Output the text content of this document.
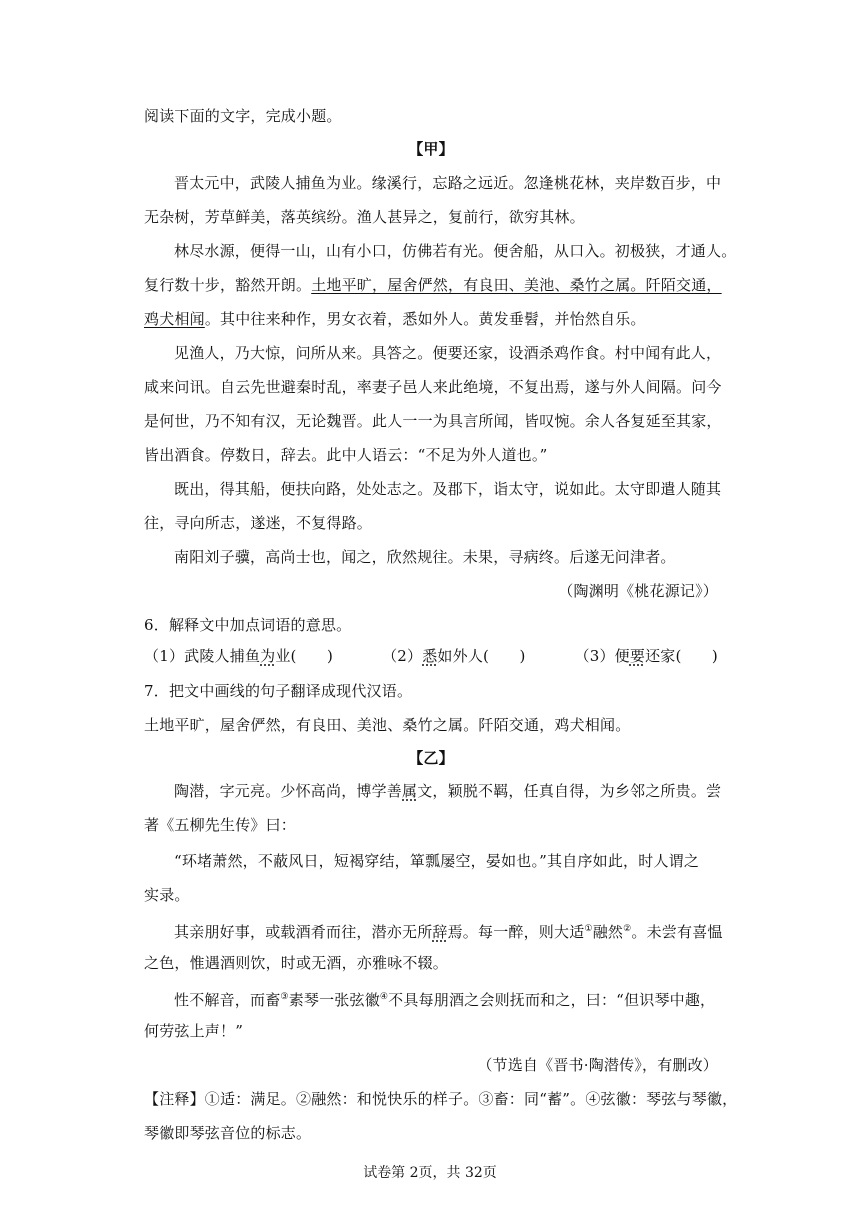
阅读下面的文字，完成小题。
【甲】
晋太元中，武陵人捕鱼为业。缘溪行，忘路之远近。忽逢桃花林，夹岸数百步，中
无杂树，芳草鲜美，落英缤纷。渔人甚异之，复前行，欲穷其林。
林尽水源，便得一山，山有小口，仿佛若有光。便舍船，从口入。初极狭，才通人。
复行数十步，豁然开朗。土地平旷，屋舍俨然，有良田、美池、桑竹之属。阡陌交通，
鸡犬相闻。其中往来种作，男女衣着，悉如外人。黄发垂髫，并怡然自乐。
见渔人，乃大惊，问所从来。具答之。便要还家，设酒杀鸡作食。村中闻有此人，
咸来问讯。自云先世避秦时乱，率妻子邑人来此绝境，不复出焉，遂与外人间隔。问今
是何世，乃不知有汉，无论魏晋。此人一一为具言所闻，皆叹惋。余人各复延至其家，
皆出酒食。停数日，辞去。此中人语云：“不足为外人道也。”
既出，得其船，便扶向路，处处志之。及郡下，诣太守，说如此。太守即遣人随其
往，寻向所志，遂迷，不复得路。
南阳刘子骥，高尚士也，闻之，欣然规往。未果，寻病终。后遂无问津者。
（陶渊明《桃花源记》）
6．解释文中加点词语的意思。
（1）武陵人捕鱼为业(　　)	（2）悉如外人(　　)	（3）便要还家(　　)
7．把文中画线的句子翻译成现代汉语。
土地平旷，屋舍俨然，有良田、美池、桑竹之属。阡陌交通，鸡犬相闻。
【乙】
陶潜，字元亮。少怀高尚，博学善属文，颖脱不羁，任真自得，为乡邻之所贵。尝
著《五柳先生传》曰：
“环堵萧然，不蔽风日，短褐穿结，箪瓢屡空，晏如也。”其自序如此，时人谓之
实录。
其亲朋好事，或载酒肴而往，潜亦无所辞焉。每一醉，则大适①融然②。未尝有喜愠
之色，惟遇酒则饮，时或无酒，亦雅咏不辍。
性不解音，而畜③素琴一张弦徽④不具每朋酒之会则抚而和之，曰：“但识琴中趣，
何劳弦上声！”
（节选自《晋书·陶潜传》，有删改）
【注释】①适：满足。②融然：和悦快乐的样子。③畜：同“蓄”。④弦徽：琴弦与琴徽，
琴徽即琴弦音位的标志。
试卷第 2页，共 32页
